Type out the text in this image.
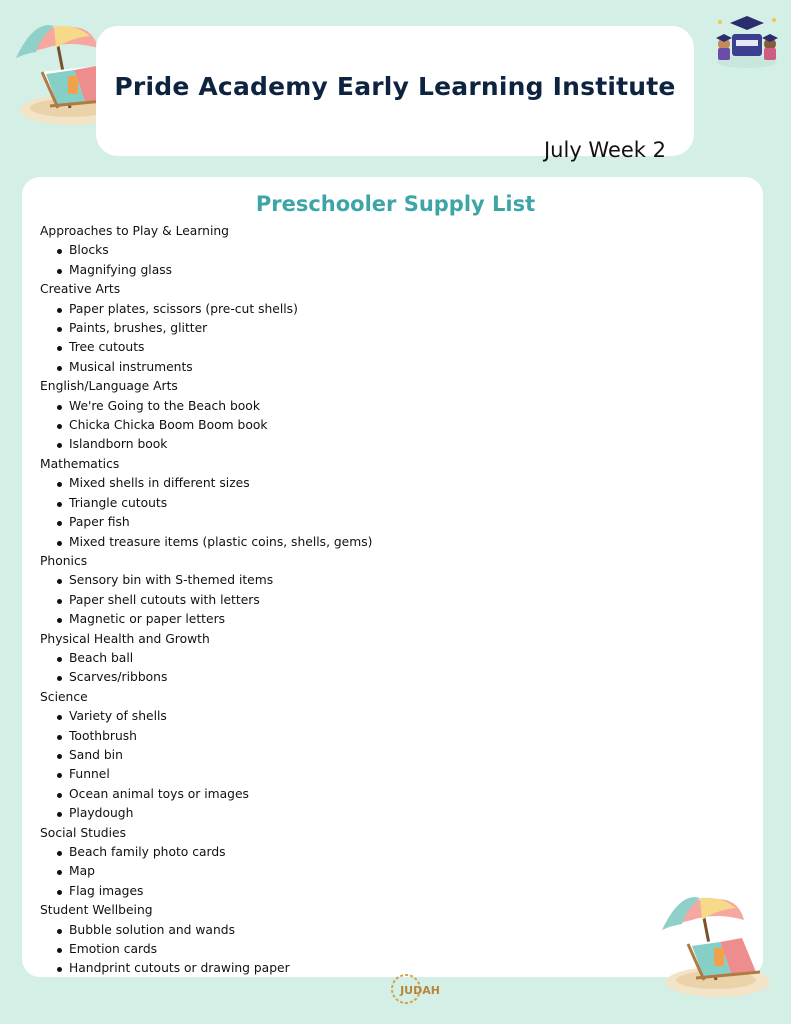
Pride Academy Early Learning Institute

July Week 2

Preschooler Supply List

Approaches to Play & Learning

Blocks
Magnifying glass

Creative Arts

Paper plates, scissors (pre-cut shells)
Paints, brushes, glitter
Tree cutouts
Musical instruments

English/Language Arts

We're Going to the Beach book
Chicka Chicka Boom Boom book
Islandborn book

Mathematics

Mixed shells in different sizes
Triangle cutouts
Paper fish
Mixed treasure items (plastic coins, shells, gems)

Phonics

Sensory bin with S-themed items
Paper shell cutouts with letters
Magnetic or paper letters

Physical Health and Growth

Beach ball
Scarves/ribbons

Science

Variety of shells
Toothbrush
Sand bin
Funnel
Ocean animal toys or images
Playdough

Social Studies

Beach family photo cards
Map
Flag images

Student Wellbeing

Bubble solution and wands
Emotion cards
Handprint cutouts or drawing paper
JUDAH
